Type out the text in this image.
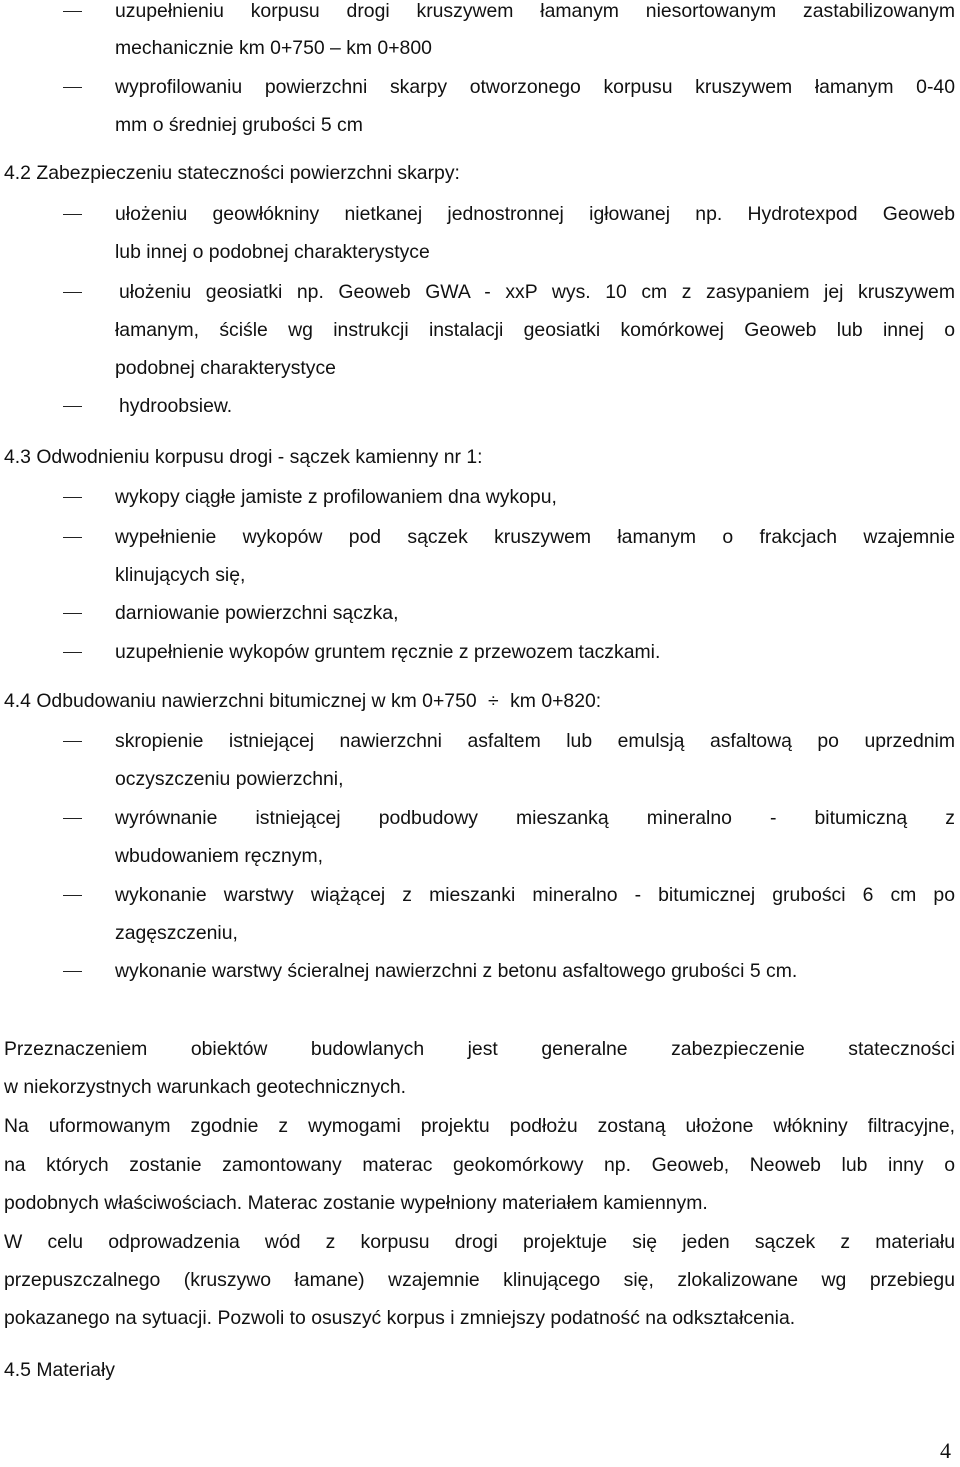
uzupełnieniu korpusu drogi kruszywem łamanym niesortowanym zastabilizowanym
mechanicznie km 0+750 – km 0+800
wyprofilowaniu powierzchni skarpy otworzonego korpusu kruszywem łamanym 0-40
mm o średniej grubości 5 cm
4.2 Zabezpieczeniu stateczności powierzchni skarpy:
ułożeniu geowłókniny nietkanej jednostronnej igłowanej np. Hydrotexpod Geoweb
lub innej o podobnej charakterystyce
ułożeniu geosiatki np. Geoweb GWA - xxP wys. 10 cm z zasypaniem jej kruszywem
łamanym, ściśle wg instrukcji instalacji geosiatki komórkowej Geoweb lub innej o
podobnej charakterystyce
hydroobsiew.
4.3 Odwodnieniu korpusu drogi - sączek kamienny nr 1:
wykopy ciągłe jamiste z profilowaniem dna wykopu,
wypełnienie wykopów pod sączek kruszywem łamanym o frakcjach wzajemnie
klinujących się,
darniowanie powierzchni sączka,
uzupełnienie wykopów gruntem ręcznie z przewozem taczkami.
4.4 Odbudowaniu nawierzchni bitumicznej w km 0+750 ÷ km 0+820:
skropienie istniejącej nawierzchni asfaltem lub emulsją asfaltową po uprzednim
oczyszczeniu powierzchni,
wyrównanie istniejącej podbudowy mieszanką mineralno - bitumiczną z
wbudowaniem ręcznym,
wykonanie warstwy wiążącej z mieszanki mineralno - bitumicznej grubości 6 cm po
zagęszczeniu,
wykonanie warstwy ścieralnej nawierzchni z betonu asfaltowego grubości 5 cm.
Przeznaczeniem obiektów budowlanych jest generalne zabezpieczenie stateczności
w niekorzystnych warunkach geotechnicznych.
Na uformowanym zgodnie z wymogami projektu podłożu zostaną ułożone włókniny filtracyjne,
na których zostanie zamontowany materac geokomórkowy np. Geoweb, Neoweb lub inny o
podobnych właściwościach. Materac zostanie wypełniony materiałem kamiennym.
W celu odprowadzenia wód z korpusu drogi projektuje się jeden sączek z materiału
przepuszczalnego (kruszywo łamane) wzajemnie klinującego się, zlokalizowane wg przebiegu
pokazanego na sytuacji. Pozwoli to osuszyć korpus i zmniejszy podatność na odkształcenia.
4.5 Materiały
4
